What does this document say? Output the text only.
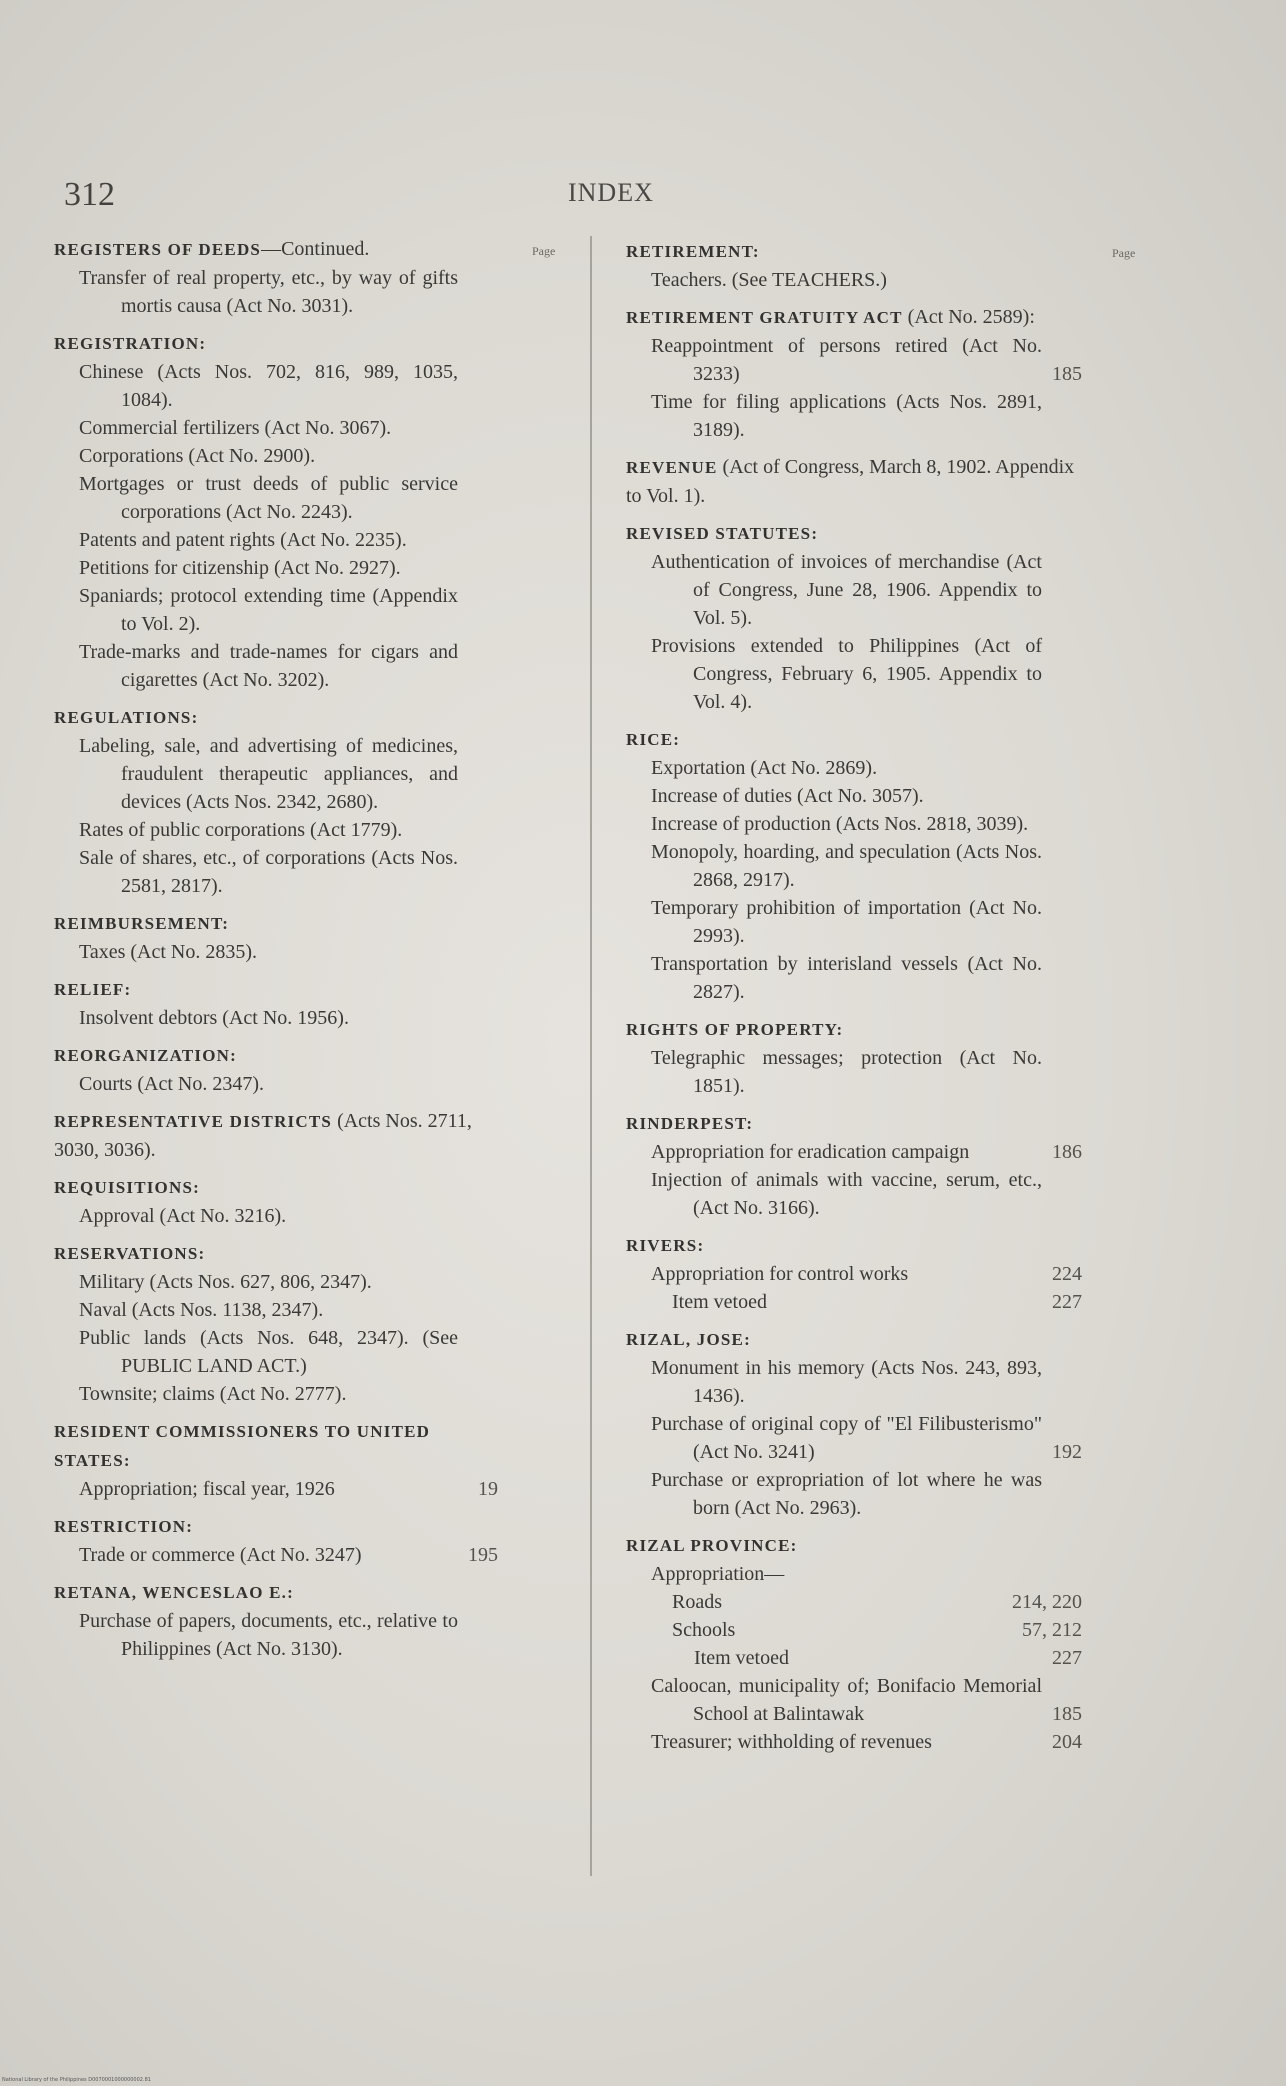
312	INDEX
Page	Page
REGISTERS OF DEEDS—Continued.
Transfer of real property, etc., by way of gifts mortis causa (Act No. 3031).
REGISTRATION:
Chinese (Acts Nos. 702, 816, 989, 1035, 1084).
Commercial fertilizers (Act No. 3067).
Corporations (Act No. 2900).
Mortgages or trust deeds of public service corporations (Act No. 2243).
Patents and patent rights (Act No. 2235).
Petitions for citizenship (Act No. 2927).
Spaniards; protocol extending time (Appendix to Vol. 2).
Trade-marks and trade-names for cigars and cigarettes (Act No. 3202).
REGULATIONS:
Labeling, sale, and advertising of medicines, fraudulent therapeutic appliances, and devices (Acts Nos. 2342, 2680).
Rates of public corporations (Act 1779).
Sale of shares, etc., of corporations (Acts Nos. 2581, 2817).
REIMBURSEMENT:
Taxes (Act No. 2835).
RELIEF:
Insolvent debtors (Act No. 1956).
REORGANIZATION:
Courts (Act No. 2347).
REPRESENTATIVE DISTRICTS (Acts Nos. 2711, 3030, 3036).
REQUISITIONS:
Approval (Act No. 3216).
RESERVATIONS:
Military (Acts Nos. 627, 806, 2347).
Naval (Acts Nos. 1138, 2347).
Public lands (Acts Nos. 648, 2347). (See PUBLIC LAND ACT.)
Townsite; claims (Act No. 2777).
RESIDENT COMMISSIONERS TO UNITED STATES:
Appropriation; fiscal year, 1926	19
RESTRICTION:
Trade or commerce (Act No. 3247)	195
RETANA, WENCESLAO E.:
Purchase of papers, documents, etc., relative to Philippines (Act No. 3130).
RETIREMENT:
Teachers. (See TEACHERS.)
RETIREMENT GRATUITY ACT (Act No. 2589):
Reappointment of persons retired (Act No. 3233)	185
Time for filing applications (Acts Nos. 2891, 3189).
REVENUE (Act of Congress, March 8, 1902. Appendix to Vol. 1).
REVISED STATUTES:
Authentication of invoices of merchandise (Act of Congress, June 28, 1906. Appendix to Vol. 5).
Provisions extended to Philippines (Act of Congress, February 6, 1905. Appendix to Vol. 4).
RICE:
Exportation (Act No. 2869).
Increase of duties (Act No. 3057).
Increase of production (Acts Nos. 2818, 3039).
Monopoly, hoarding, and speculation (Acts Nos. 2868, 2917).
Temporary prohibition of importation (Act No. 2993).
Transportation by interisland vessels (Act No. 2827).
RIGHTS OF PROPERTY:
Telegraphic messages; protection (Act No. 1851).
RINDERPEST:
Appropriation for eradication campaign	186
Injection of animals with vaccine, serum, etc., (Act No. 3166).
RIVERS:
Appropriation for control works	224
Item vetoed	227
RIZAL, JOSE:
Monument in his memory (Acts Nos. 243, 893, 1436).
Purchase of original copy of "El Filibusterismo" (Act No. 3241)	192
Purchase or expropriation of lot where he was born (Act No. 2963).
RIZAL PROVINCE:
Appropriation—
Roads	214, 220
Schools	57, 212
Item vetoed	227
Caloocan, municipality of; Bonifacio Memorial School at Balintawak	185
Treasurer; withholding of revenues	204
National Library of the Philippines D0070001000000002.81
